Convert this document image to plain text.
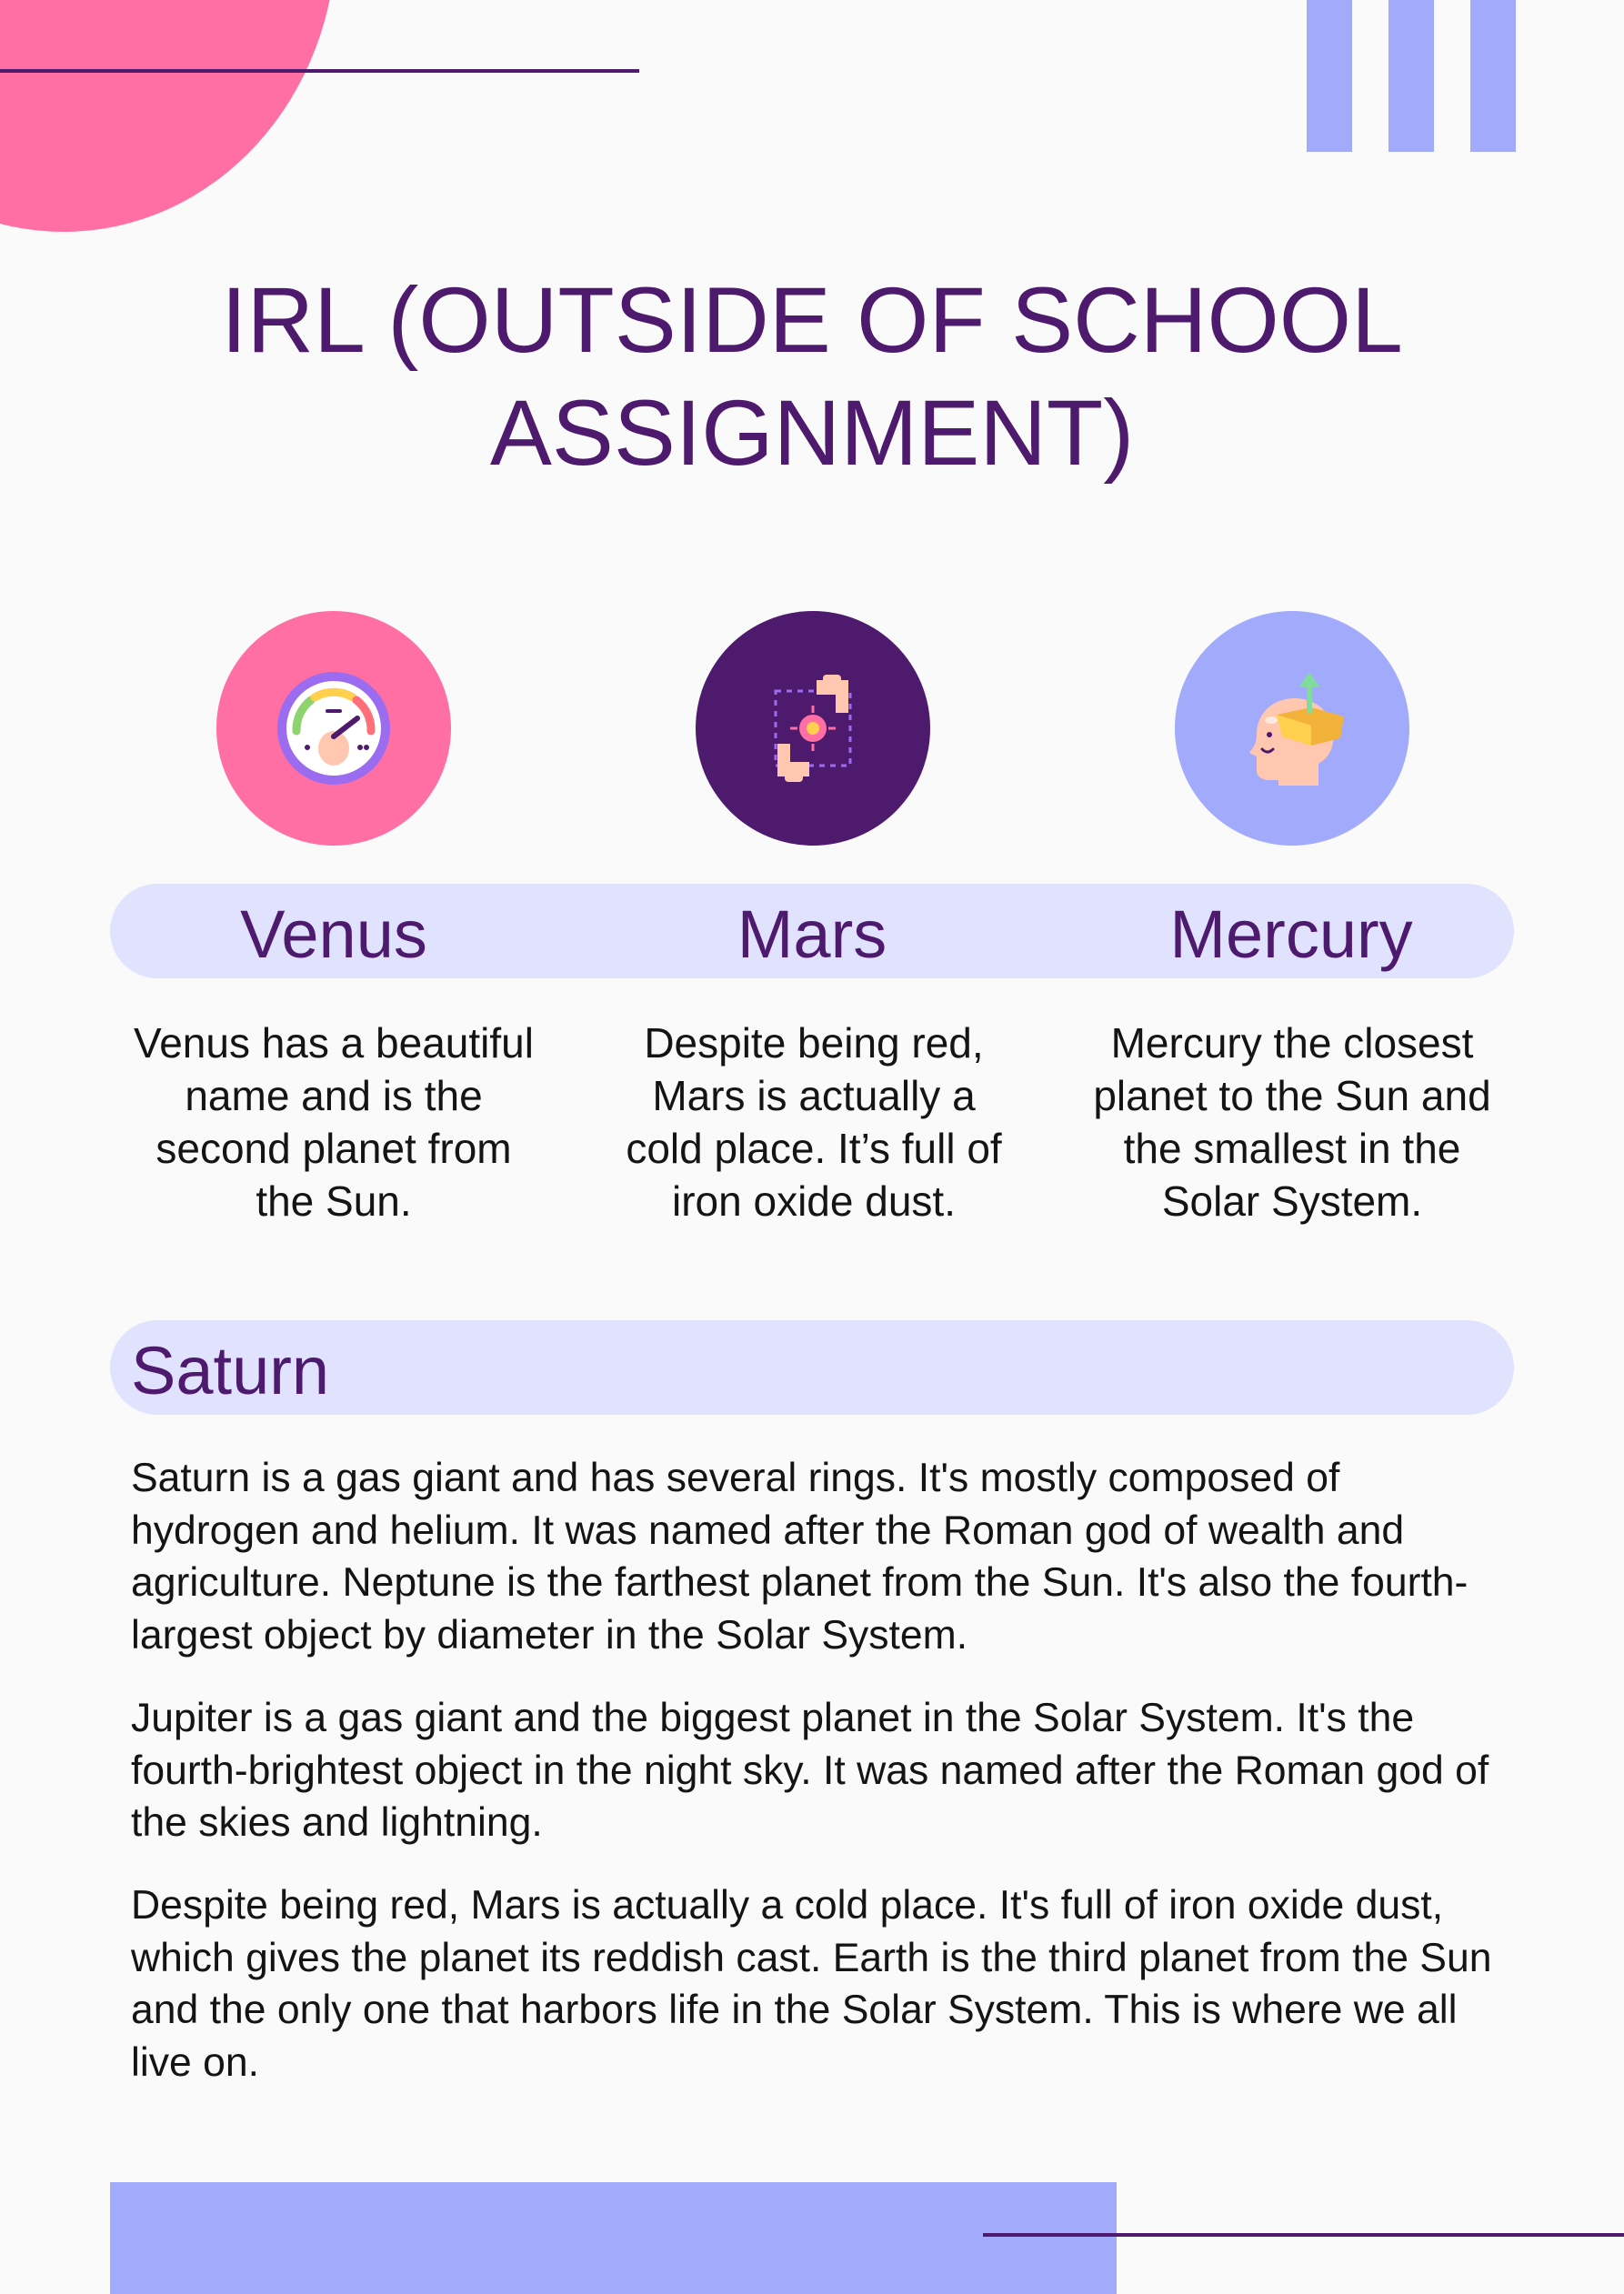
IRL (OUTSIDE OF SCHOOL ASSIGNMENT)
Venus	Mars	Mercury
Venus has a beautiful name and is the second planet from the Sun.
Despite being red, Mars is actually a cold place. It’s full of iron oxide dust.
Mercury the closest planet to the Sun and the smallest in the Solar System.
Saturn

Saturn is a gas giant and has several rings. It's mostly composed of hydrogen and helium. It was named after the Roman god of wealth and agriculture. Neptune is the farthest planet from the Sun. It's also the fourth-largest object by diameter in the Solar System.

Jupiter is a gas giant and the biggest planet in the Solar System. It's the fourth-brightest object in the night sky. It was named after the Roman god of the skies and lightning.

Despite being red, Mars is actually a cold place. It's full of iron oxide dust, which gives the planet its reddish cast. Earth is the third planet from the Sun and the only one that harbors life in the Solar System. This is where we all live on.
